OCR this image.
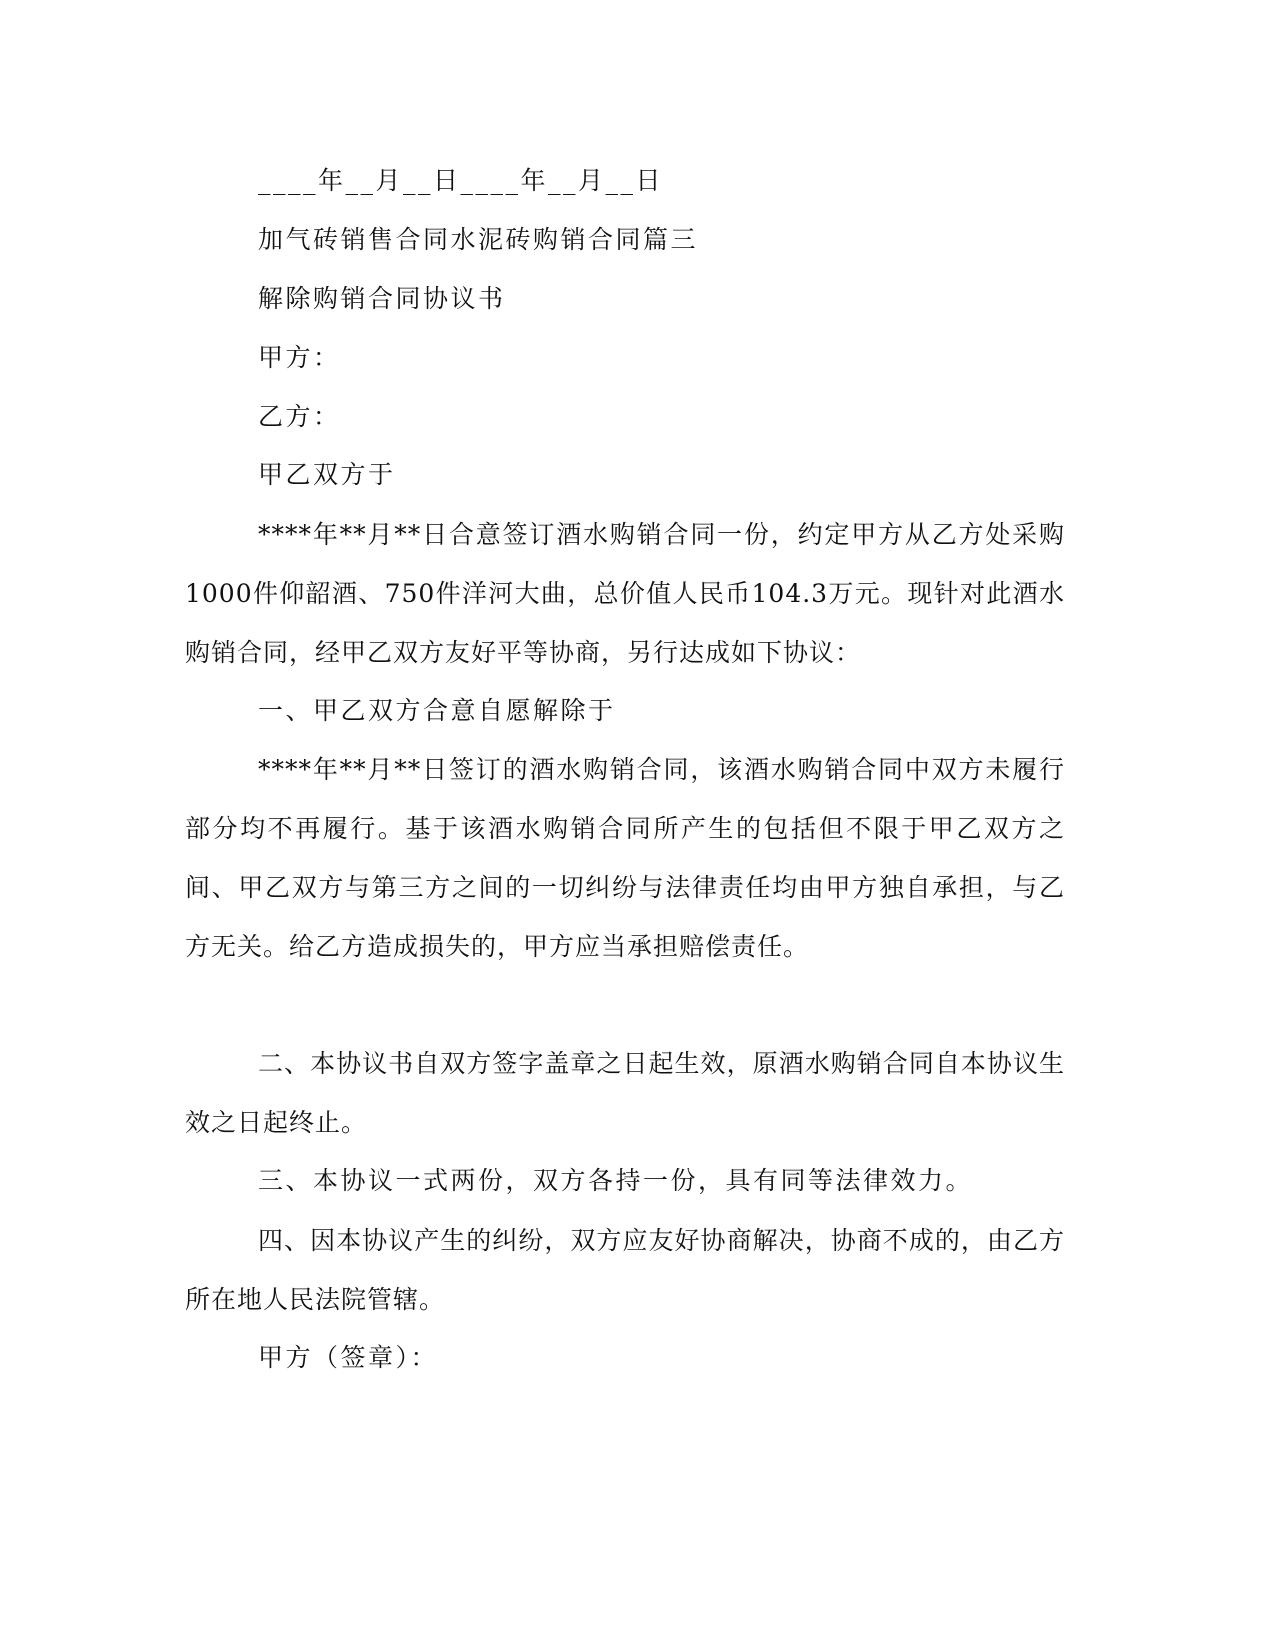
____年__月__日____年__月__日
加气砖销售合同水泥砖购销合同篇三
解除购销合同协议书
甲方：
乙方：
甲乙双方于

****年**月**日合意签订酒水购销合同一份，约定甲方从乙方处采购1000件仰韶酒、750件洋河大曲，总价值人民币104.3万元。现针对此酒水购销合同，经甲乙双方友好平等协商，另行达成如下协议：

一、甲乙双方合意自愿解除于

****年**月**日签订的酒水购销合同，该酒水购销合同中双方未履行部分均不再履行。基于该酒水购销合同所产生的包括但不限于甲乙双方之间、甲乙双方与第三方之间的一切纠纷与法律责任均由甲方独自承担，与乙方无关。给乙方造成损失的，甲方应当承担赔偿责任。

二、本协议书自双方签字盖章之日起生效，原酒水购销合同自本协议生效之日起终止。

三、本协议一式两份，双方各持一份，具有同等法律效力。

四、因本协议产生的纠纷，双方应友好协商解决，协商不成的，由乙方所在地人民法院管辖。

甲方（签章）：
